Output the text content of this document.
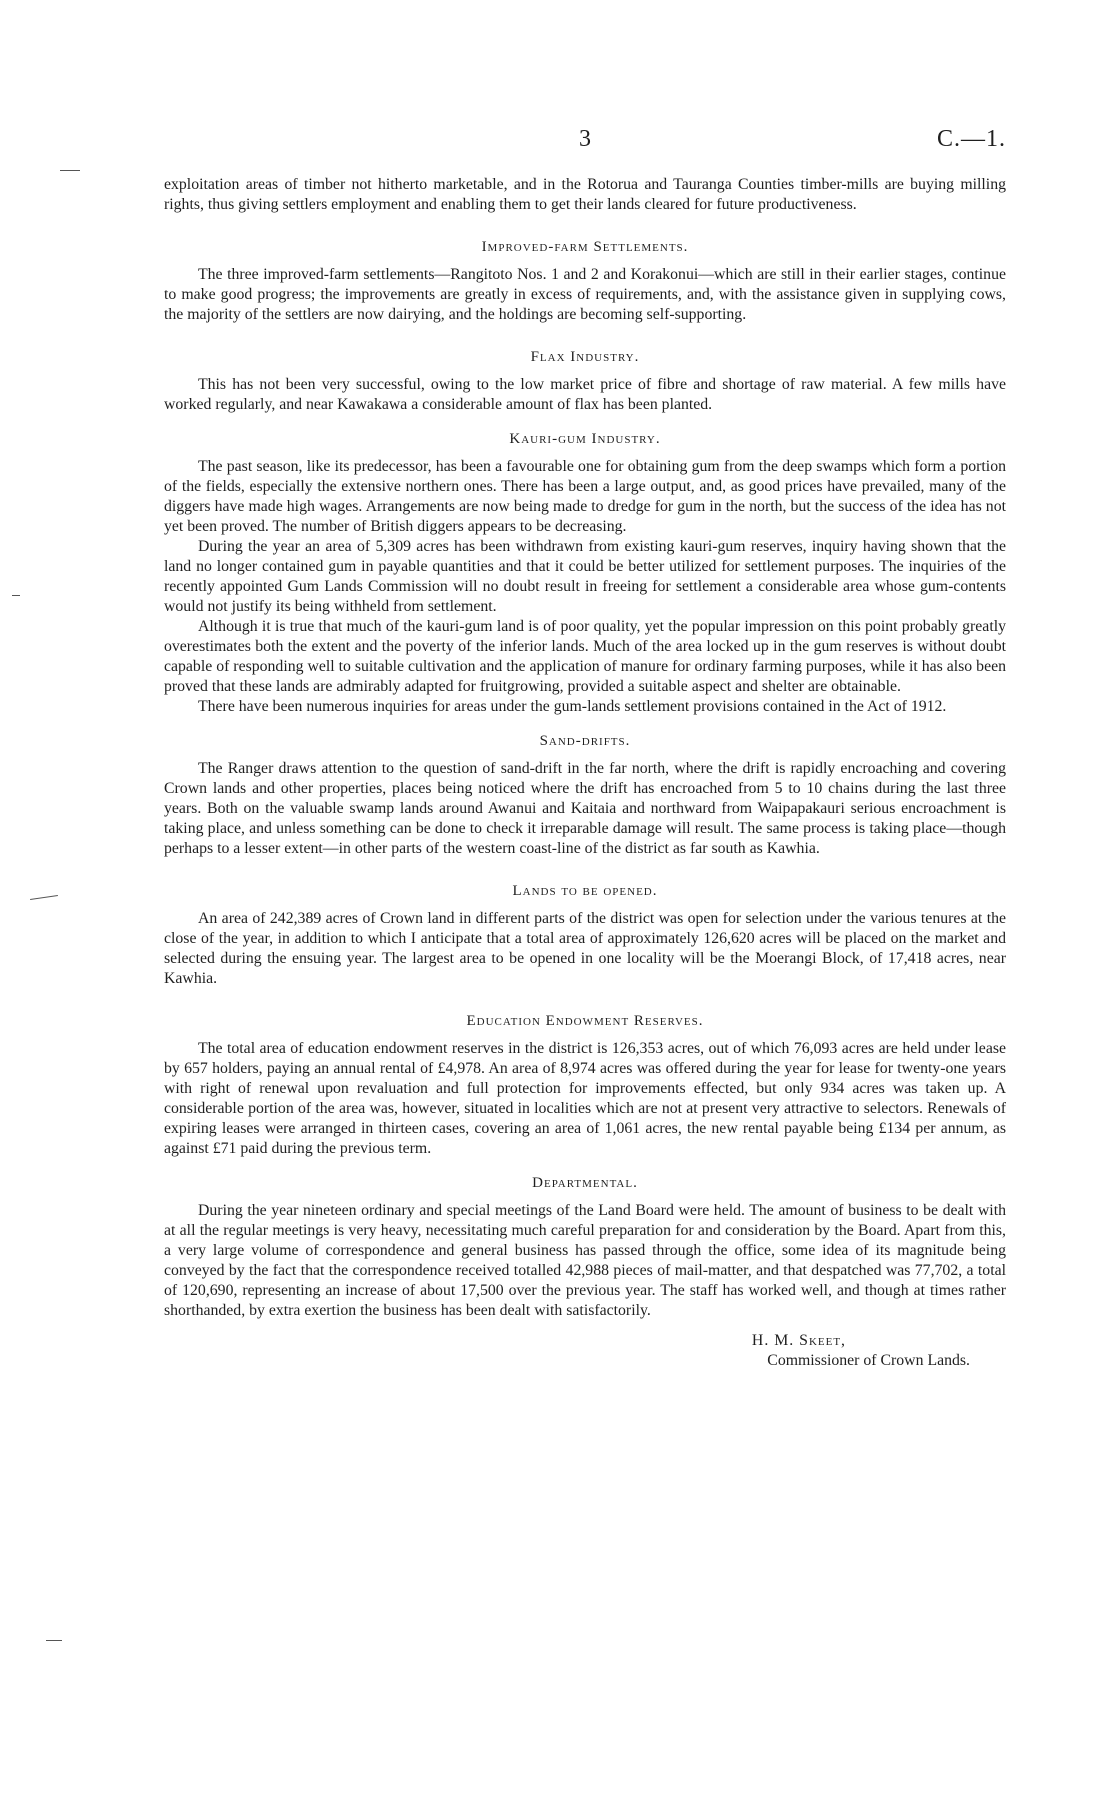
3	C.—1.

exploitation areas of timber not hitherto marketable, and in the Rotorua and Tauranga Counties timber-mills are buying milling rights, thus giving settlers employment and enabling them to get their lands cleared for future productiveness.

Improved-farm Settlements.

The three improved-farm settlements—Rangitoto Nos. 1 and 2 and Korakonui—which are still in their earlier stages, continue to make good progress; the improvements are greatly in excess of requirements, and, with the assistance given in supplying cows, the majority of the settlers are now dairying, and the holdings are becoming self-supporting.

Flax Industry.

This has not been very successful, owing to the low market price of fibre and shortage of raw material. A few mills have worked regularly, and near Kawakawa a considerable amount of flax has been planted.

Kauri-gum Industry.

The past season, like its predecessor, has been a favourable one for obtaining gum from the deep swamps which form a portion of the fields, especially the extensive northern ones. There has been a large output, and, as good prices have prevailed, many of the diggers have made high wages. Arrangements are now being made to dredge for gum in the north, but the success of the idea has not yet been proved. The number of British diggers appears to be decreasing.

During the year an area of 5,309 acres has been withdrawn from existing kauri-gum reserves, inquiry having shown that the land no longer contained gum in payable quantities and that it could be better utilized for settlement purposes. The inquiries of the recently appointed Gum Lands Commission will no doubt result in freeing for settlement a considerable area whose gum-contents would not justify its being withheld from settlement.

Although it is true that much of the kauri-gum land is of poor quality, yet the popular impression on this point probably greatly overestimates both the extent and the poverty of the inferior lands. Much of the area locked up in the gum reserves is without doubt capable of responding well to suitable cultivation and the application of manure for ordinary farming purposes, while it has also been proved that these lands are admirably adapted for fruitgrowing, provided a suitable aspect and shelter are obtainable.

There have been numerous inquiries for areas under the gum-lands settlement provisions contained in the Act of 1912.

Sand-drifts.

The Ranger draws attention to the question of sand-drift in the far north, where the drift is rapidly encroaching and covering Crown lands and other properties, places being noticed where the drift has encroached from 5 to 10 chains during the last three years. Both on the valuable swamp lands around Awanui and Kaitaia and northward from Waipapakauri serious encroachment is taking place, and unless something can be done to check it irreparable damage will result. The same process is taking place—though perhaps to a lesser extent—in other parts of the western coast-line of the district as far south as Kawhia.

Lands to be opened.

An area of 242,389 acres of Crown land in different parts of the district was open for selection under the various tenures at the close of the year, in addition to which I anticipate that a total area of approximately 126,620 acres will be placed on the market and selected during the ensuing year. The largest area to be opened in one locality will be the Moerangi Block, of 17,418 acres, near Kawhia.

Education Endowment Reserves.

The total area of education endowment reserves in the district is 126,353 acres, out of which 76,093 acres are held under lease by 657 holders, paying an annual rental of £4,978. An area of 8,974 acres was offered during the year for lease for twenty-one years with right of renewal upon revaluation and full protection for improvements effected, but only 934 acres was taken up. A considerable portion of the area was, however, situated in localities which are not at present very attractive to selectors. Renewals of expiring leases were arranged in thirteen cases, covering an area of 1,061 acres, the new rental payable being £134 per annum, as against £71 paid during the previous term.

Departmental.

During the year nineteen ordinary and special meetings of the Land Board were held. The amount of business to be dealt with at all the regular meetings is very heavy, necessitating much careful preparation for and consideration by the Board. Apart from this, a very large volume of correspondence and general business has passed through the office, some idea of its magnitude being conveyed by the fact that the correspondence received totalled 42,988 pieces of mail-matter, and that despatched was 77,702, a total of 120,690, representing an increase of about 17,500 over the previous year. The staff has worked well, and though at times rather shorthanded, by extra exertion the business has been dealt with satisfactorily.

H. M. Skeet,
Commissioner of Crown Lands.
